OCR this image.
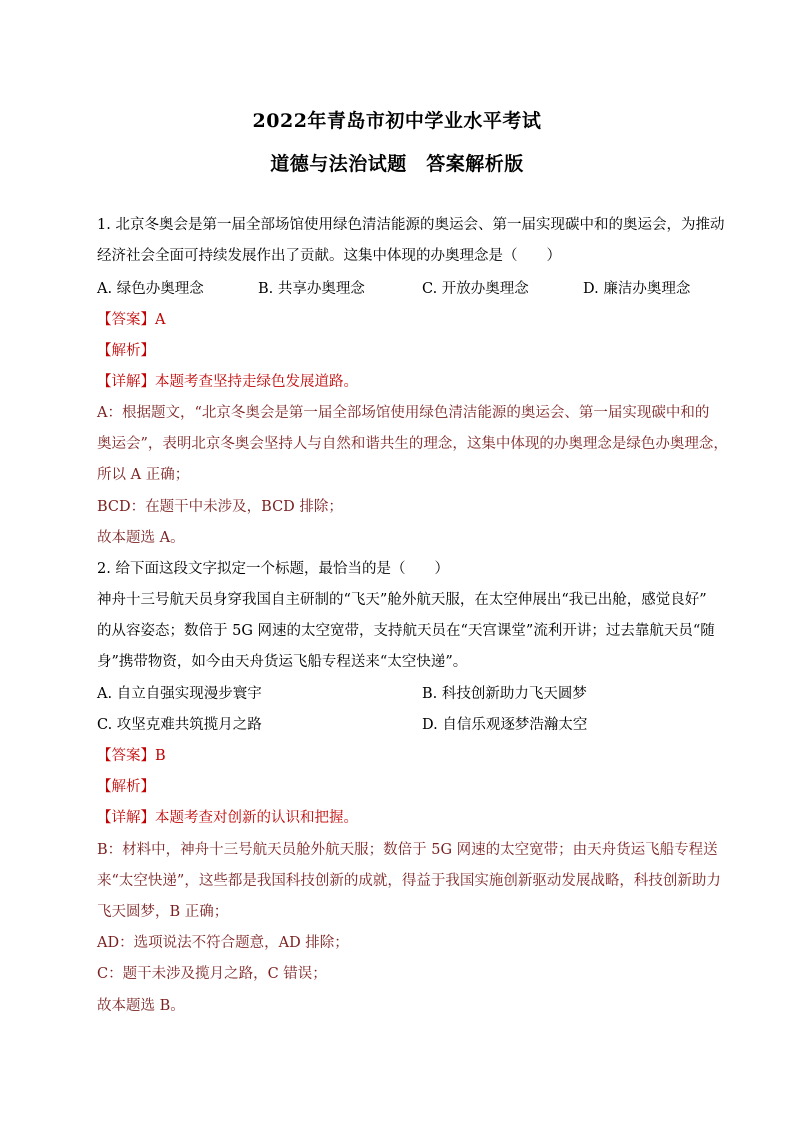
2022年青岛市初中学业水平考试
道德与法治试题　答案解析版
1. 北京冬奥会是第一届全部场馆使用绿色清洁能源的奥运会、第一届实现碳中和的奥运会，为推动
经济社会全面可持续发展作出了贡献。这集中体现的办奥理念是（　　）
A. 绿色办奥理念	B. 共享办奥理念	C. 开放办奥理念	D. 廉洁办奥理念
【答案】A
【解析】
【详解】本题考查坚持走绿色发展道路。
A：根据题文，“北京冬奥会是第一届全部场馆使用绿色清洁能源的奥运会、第一届实现碳中和的
奥运会”，表明北京冬奥会坚持人与自然和谐共生的理念，这集中体现的办奥理念是绿色办奥理念，
所以 A 正确；
BCD：在题干中未涉及，BCD 排除；
故本题选 A。
2. 给下面这段文字拟定一个标题，最恰当的是（　　）
神舟十三号航天员身穿我国自主研制的“飞天”舱外航天服，在太空伸展出“我已出舱，感觉良好”
的从容姿态；数倍于 5G 网速的太空宽带，支持航天员在“天宫课堂”流利开讲；过去靠航天员“随
身”携带物资，如今由天舟货运飞船专程送来“太空快递”。
A. 自立自强实现漫步寰宇	B. 科技创新助力飞天圆梦
C. 攻坚克难共筑揽月之路	D. 自信乐观逐梦浩瀚太空
【答案】B
【解析】
【详解】本题考查对创新的认识和把握。
B：材料中，神舟十三号航天员舱外航天服；数倍于 5G 网速的太空宽带；由天舟货运飞船专程送
来“太空快递”，这些都是我国科技创新的成就，得益于我国实施创新驱动发展战略，科技创新助力
飞天圆梦，B 正确；
AD：选项说法不符合题意，AD 排除；
C：题干未涉及揽月之路，C 错误；
故本题选 B。
